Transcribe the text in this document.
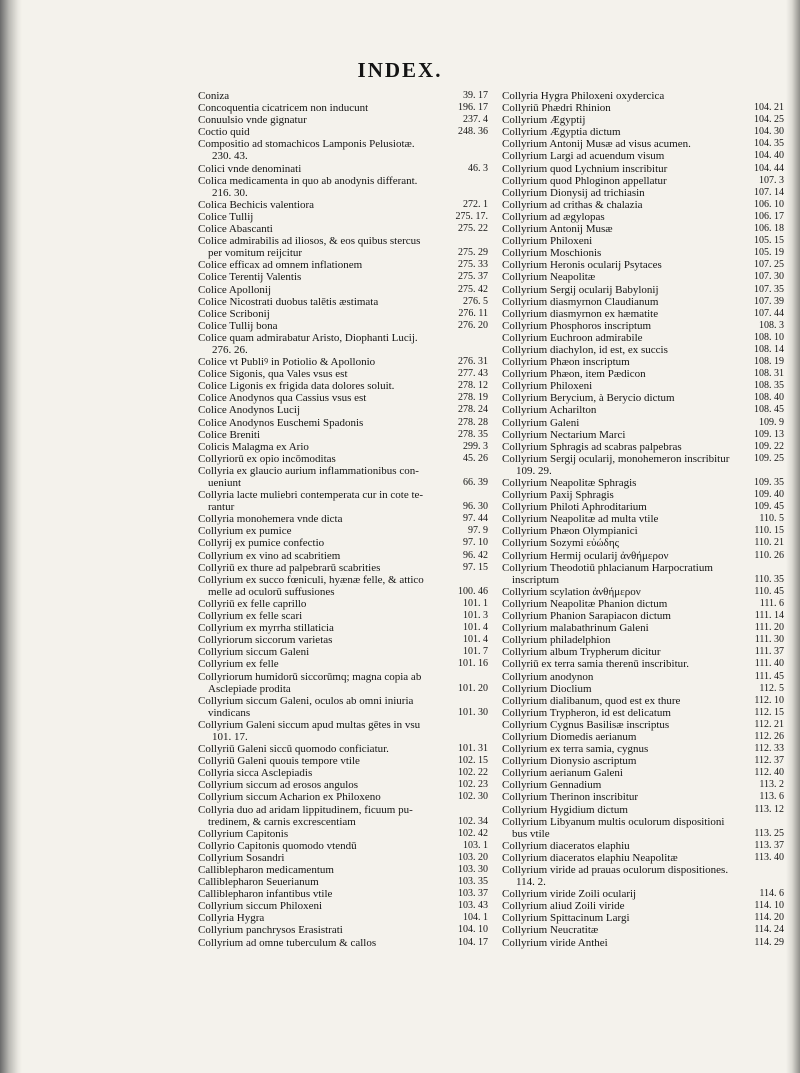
INDEX.
39. 17
Coniza
196. 17
Concoquentia cicatricem non inducunt
237. 4
Conuulsio vnde gignatur
248. 36
Coctio quid
Compositio ad stomachicos Lamponis Pelusiotæ.
230. 43.
46. 3
Colici vnde denominati
Colica medicamenta in quo ab anodynis differant.
216. 30.
272. 1
Colica Bechicis valentiora
275. 17.
Colice Tullij
275. 22
Colice Abascanti
Colice admirabilis ad iliosos, & eos quibus stercus
275. 29
per vomitum reijcitur
275. 33
Colice efficax ad omnem inflationem
275. 37
Colice Terentij Valentis
275. 42
Colice Apollonij
276. 5
Colice Nicostrati duobus talētis æstimata
276. 11
Colice Scribonij
276. 20
Colice Tullij bona
Colice quam admirabatur Aristo, Diophanti Lucij.
276. 26.
276. 31
Colice vt Publiꝰ in Potiolio & Apollonio
277. 43
Colice Sigonis, qua Vales vsus est
278. 12
Colice Ligonis ex frigida data dolores soluit.
278. 19
Colice Anodynos qua Cassius vsus est
278. 24
Colice Anodynos Lucij
278. 28
Colice Anodynos Euschemi Spadonis
278. 35
Colice Breniti
299. 3
Colicis Malagma ex Ario
45. 26
Collyriorū ex opio incōmoditas
Collyria ex glaucio aurium inflammationibus con-
66. 39
ueniunt
Collyria lacte muliebri contemperata cur in cote te-
96. 30
rantur
97. 44
Collyria monohemera vnde dicta
97. 9
Collyrium ex pumice
97. 10
Collyrij ex pumice confectio
96. 42
Collyrium ex vino ad scabritiem
97. 15
Collyriū ex thure ad palpebrarū scabrities
Collyrium ex succo fœniculi, hyænæ felle, & attico
100. 46
melle ad oculorū suffusiones
101. 1
Collyriū ex felle caprillo
101. 3
Collyrium ex felle scari
101. 4
Collyrium ex myrrha stillaticia
101. 4
Collyriorum siccorum varietas
101. 7
Collyrium siccum Galeni
101. 16
Collyrium ex felle
Collyriorum humidorū siccorūmq; magna copia ab
101. 20
Asclepiade prodita
Collyrium siccum Galeni, oculos ab omni iniuria
101. 30
vindicans
Collyrium Galeni siccum apud multas gētes in vsu
101. 17.
101. 31
Collyriū Galeni siccū quomodo conficiatur.
102. 15
Collyriū Galeni quouis tempore vtile
102. 22
Collyria sicca Asclepiadis
102. 23
Collyrium siccum ad erosos angulos
102. 30
Collyrium siccum Acharion ex Philoxeno
Collyria duo ad aridam lippitudinem, ficuum pu-
102. 34
tredinem, & carnis excrescentiam
102. 42
Collyrium Capitonis
103. 1
Collyrio Capitonis quomodo vtendū
103. 20
Collyrium Sosandri
103. 30
Calliblepharon medicamentum
103. 35
Calliblepharon Seuerianum
103. 37
Calliblepharon infantibus vtile
103. 43
Collyrium siccum Philoxeni
104. 1
Collyria Hygra
104. 10
Collyrium panchrysos Erasistrati
104. 17
Collyrium ad omne tuberculum & callos
Collyria Hygra Philoxeni oxydercica
104. 21
Collyriū Phædri Rhinion
104. 25
Collyrium Ægyptij
104. 30
Collyrium Ægyptia dictum
104. 35
Collyrium Antonij Musæ ad visus acumen.
104. 40
Collyrium Largi ad acuendum visum
104. 44
Collyrium quod Lychnium inscribitur
107. 3
Collyrium quod Phloginon appellatur
107. 14
Collyrium Dionysij ad trichiasin
106. 10
Collyrium ad crithas & chalazia
106. 17
Collyrium ad ægylopas
106. 18
Collyrium Antonij Musæ
105. 15
Collyrium Philoxeni
105. 19
Collyrium Moschionis
107. 25
Collyrium Heronis ocularij Psytaces
107. 30
Collyrium Neapolitæ
107. 35
Collyrium Sergij ocularij Babylonij
107. 39
Collyrium diasmyrnon Claudianum
107. 44
Collyrium diasmyrnon ex hæmatite
108. 3
Collyrium Phosphoros inscriptum
108. 10
Collyrium Euchroon admirabile
108. 14
Collyrium diachylon, id est, ex succis
108. 19
Collyrium Phæon inscriptum
108. 31
Collyrium Phæon, item Pædicon
108. 35
Collyrium Philoxeni
108. 40
Collyrium Berycium, à Berycio dictum
108. 45
Collyrium Acharilton
109. 9
Collyrium Galeni
109. 13
Collyrium Nectarium Marci
109. 22
Collyrium Sphragis ad scabras palpebras
109. 25
Collyrium Sergij ocularij, monohemeron inscribitur
109. 29.
109. 35
Collyrium Neapolitæ Sphragis
109. 40
Collyrium Paxij Sphragis
109. 45
Collyrium Philoti Aphroditarium
110. 5
Collyrium Neapolitæ ad multa vtile
110. 15
Collyrium Phæon Olympianici
110. 21
Collyrium Sozymi εὐώδης
110. 26
Collyrium Hermij ocularij ἀνθήμερον
Collyrium Theodotiū phlacianum Harpocratium
110. 35
inscriptum
110. 45
Collyrium scylation ἀνθήμερον
111. 6
Collyrium Neapolitæ Phanion dictum
111. 14
Collyrium Phanion Sarapiacon dictum
111. 20
Collyrium malabathrinum Galeni
111. 30
Collyrium philadelphion
111. 37
Collyrium album Trypherum dicitur
111. 40
Collyriū ex terra samia therenū inscribitur.
111. 45
Collyrium anodynon
112. 5
Collyrium Dioclium
112. 10
Collyrium dialibanum, quod est ex thure
112. 15
Collyrium Trypheron, id est delicatum
112. 21
Collyrium Cygnus Basilisæ inscriptus
112. 26
Collyrium Diomedis aerianum
112. 33
Collyrium ex terra samia, cygnus
112. 37
Collyrium Dionysio ascriptum
112. 40
Collyrium aerianum Galeni
113. 2
Collyrium Gennadium
113. 6
Collyrium Therinon inscribitur
113. 12
Collyrium Hygidium dictum
Collyrium Libyanum multis oculorum dispositioni
113. 25
bus vtile
113. 37
Collyrium diaceratos elaphiu
113. 40
Collyrium diaceratos elaphiu Neapolitæ
Collyrium viride ad prauas oculorum dispositiones.
114. 2.
114. 6
Collyrium viride Zoili ocularij
114. 10
Collyrium aliud Zoili viride
114. 20
Collyrium Spittacinum Largi
114. 24
Collyrium Neucratitæ
114. 29
Collyrium viride Anthei
